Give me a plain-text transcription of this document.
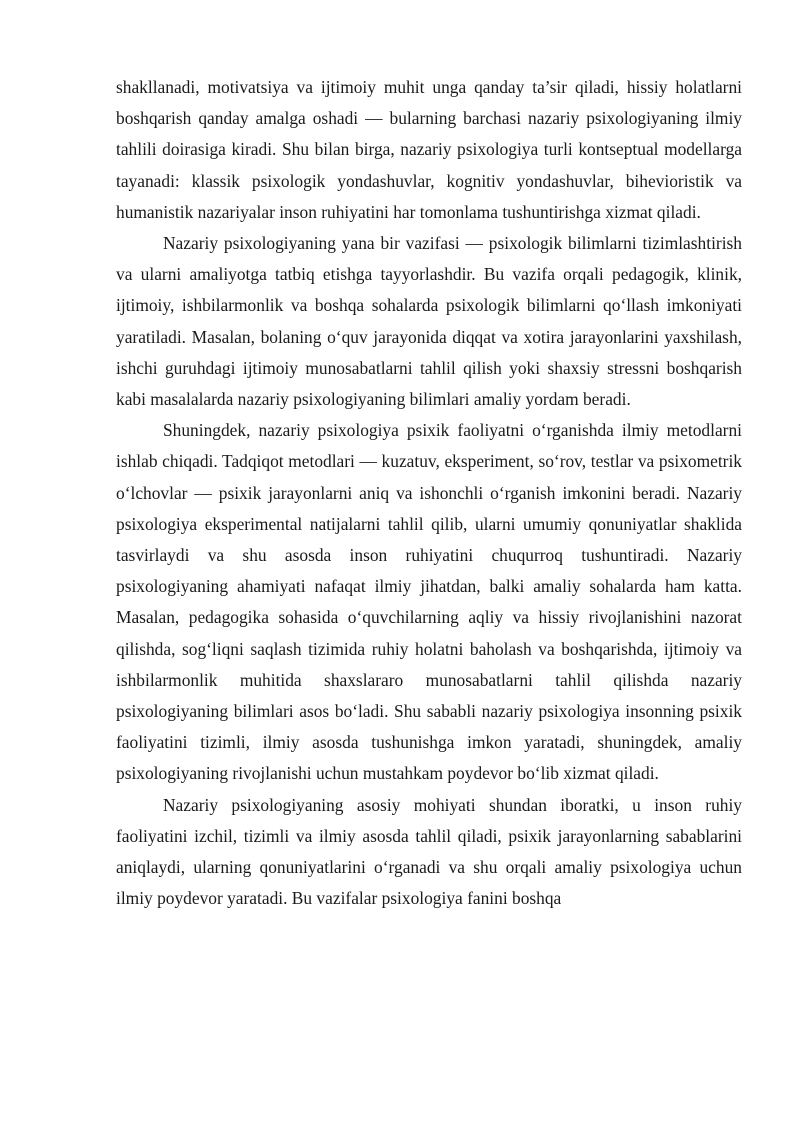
shakllanadi, motivatsiya va ijtimoiy muhit unga qanday ta’sir qiladi, hissiy holatlarni boshqarish qanday amalga oshadi — bularning barchasi nazariy psixologiyaning ilmiy tahlili doirasiga kiradi. Shu bilan birga, nazariy psixologiya turli kontseptual modellarga tayanadi: klassik psixologik yondashuvlar, kognitiv yondashuvlar, bihevioristik va humanistik nazariyalar inson ruhiyatini har tomonlama tushuntirishga xizmat qiladi.

Nazariy psixologiyaning yana bir vazifasi — psixologik bilimlarni tizimlashtirish va ularni amaliyotga tatbiq etishga tayyorlashdir. Bu vazifa orqali pedagogik, klinik, ijtimoiy, ishbilarmonlik va boshqa sohalarda psixologik bilimlarni qo‘llash imkoniyati yaratiladi. Masalan, bolaning o‘quv jarayonida diqqat va xotira jarayonlarini yaxshilash, ishchi guruhdagi ijtimoiy munosabatlarni tahlil qilish yoki shaxsiy stressni boshqarish kabi masalalarda nazariy psixologiyaning bilimlari amaliy yordam beradi.

Shuningdek, nazariy psixologiya psixik faoliyatni o‘rganishda ilmiy metodlarni ishlab chiqadi. Tadqiqot metodlari — kuzatuv, eksperiment, so‘rov, testlar va psixometrik o‘lchovlar — psixik jarayonlarni aniq va ishonchli o‘rganish imkonini beradi. Nazariy psixologiya eksperimental natijalarni tahlil qilib, ularni umumiy qonuniyatlar shaklida tasvirlaydi va shu asosda inson ruhiyatini chuqurroq tushuntiradi. Nazariy psixologiyaning ahamiyati nafaqat ilmiy jihatdan, balki amaliy sohalarda ham katta. Masalan, pedagogika sohasida o‘quvchilarning aqliy va hissiy rivojlanishini nazorat qilishda, sog‘liqni saqlash tizimida ruhiy holatni baholash va boshqarishda, ijtimoiy va ishbilarmonlik muhitida shaxslararo munosabatlarni tahlil qilishda nazariy psixologiyaning bilimlari asos bo‘ladi. Shu sababli nazariy psixologiya insonning psixik faoliyatini tizimli, ilmiy asosda tushunishga imkon yaratadi, shuningdek, amaliy psixologiyaning rivojlanishi uchun mustahkam poydevor bo‘lib xizmat qiladi.

Nazariy psixologiyaning asosiy mohiyati shundan iboratki, u inson ruhiy faoliyatini izchil, tizimli va ilmiy asosda tahlil qiladi, psixik jarayonlarning sabablarini aniqlaydi, ularning qonuniyatlarini o‘rganadi va shu orqali amaliy psixologiya uchun ilmiy poydevor yaratadi. Bu vazifalar psixologiya fanini boshqa
